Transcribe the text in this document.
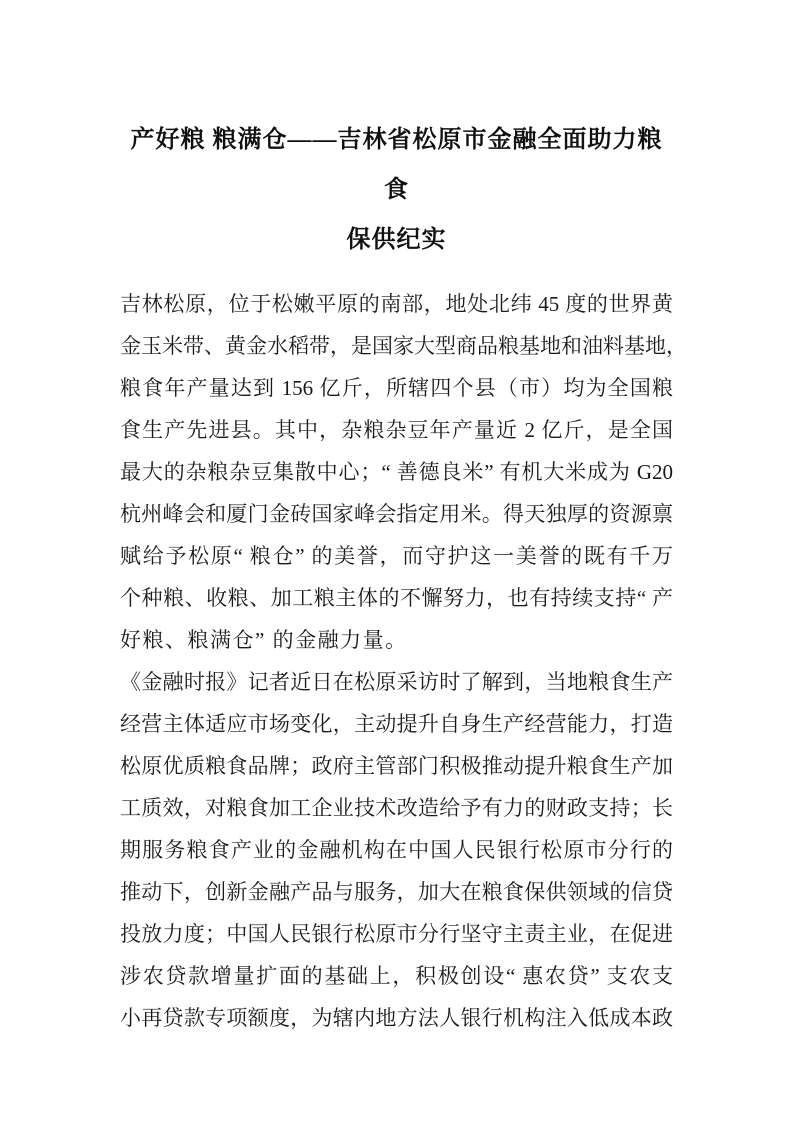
产好粮 粮满仓——吉林省松原市金融全面助力粮食
保供纪实

吉林松原，位于松嫩平原的南部，地处北纬 45 度的世界黄
金玉米带、黄金水稻带，是国家大型商品粮基地和油料基地，
粮食年产量达到 156 亿斤，所辖四个县（市）均为全国粮
食生产先进县。其中，杂粮杂豆年产量近 2 亿斤，是全国
最大的杂粮杂豆集散中心；“ 善德良米” 有机大米成为 G20
杭州峰会和厦门金砖国家峰会指定用米。得天独厚的资源禀
赋给予松原“ 粮仓” 的美誉，而守护这一美誉的既有千万
个种粮、收粮、加工粮主体的不懈努力，也有持续支持“ 产
好粮、粮满仓” 的金融力量。

《金融时报》记者近日在松原采访时了解到，当地粮食生产
经营主体适应市场变化，主动提升自身生产经营能力，打造
松原优质粮食品牌；政府主管部门积极推动提升粮食生产加
工质效，对粮食加工企业技术改造给予有力的财政支持；长
期服务粮食产业的金融机构在中国人民银行松原市分行的
推动下，创新金融产品与服务，加大在粮食保供领域的信贷
投放力度；中国人民银行松原市分行坚守主责主业，在促进
涉农贷款增量扩面的基础上，积极创设“ 惠农贷” 支农支
小再贷款专项额度，为辖内地方法人银行机构注入低成本政
